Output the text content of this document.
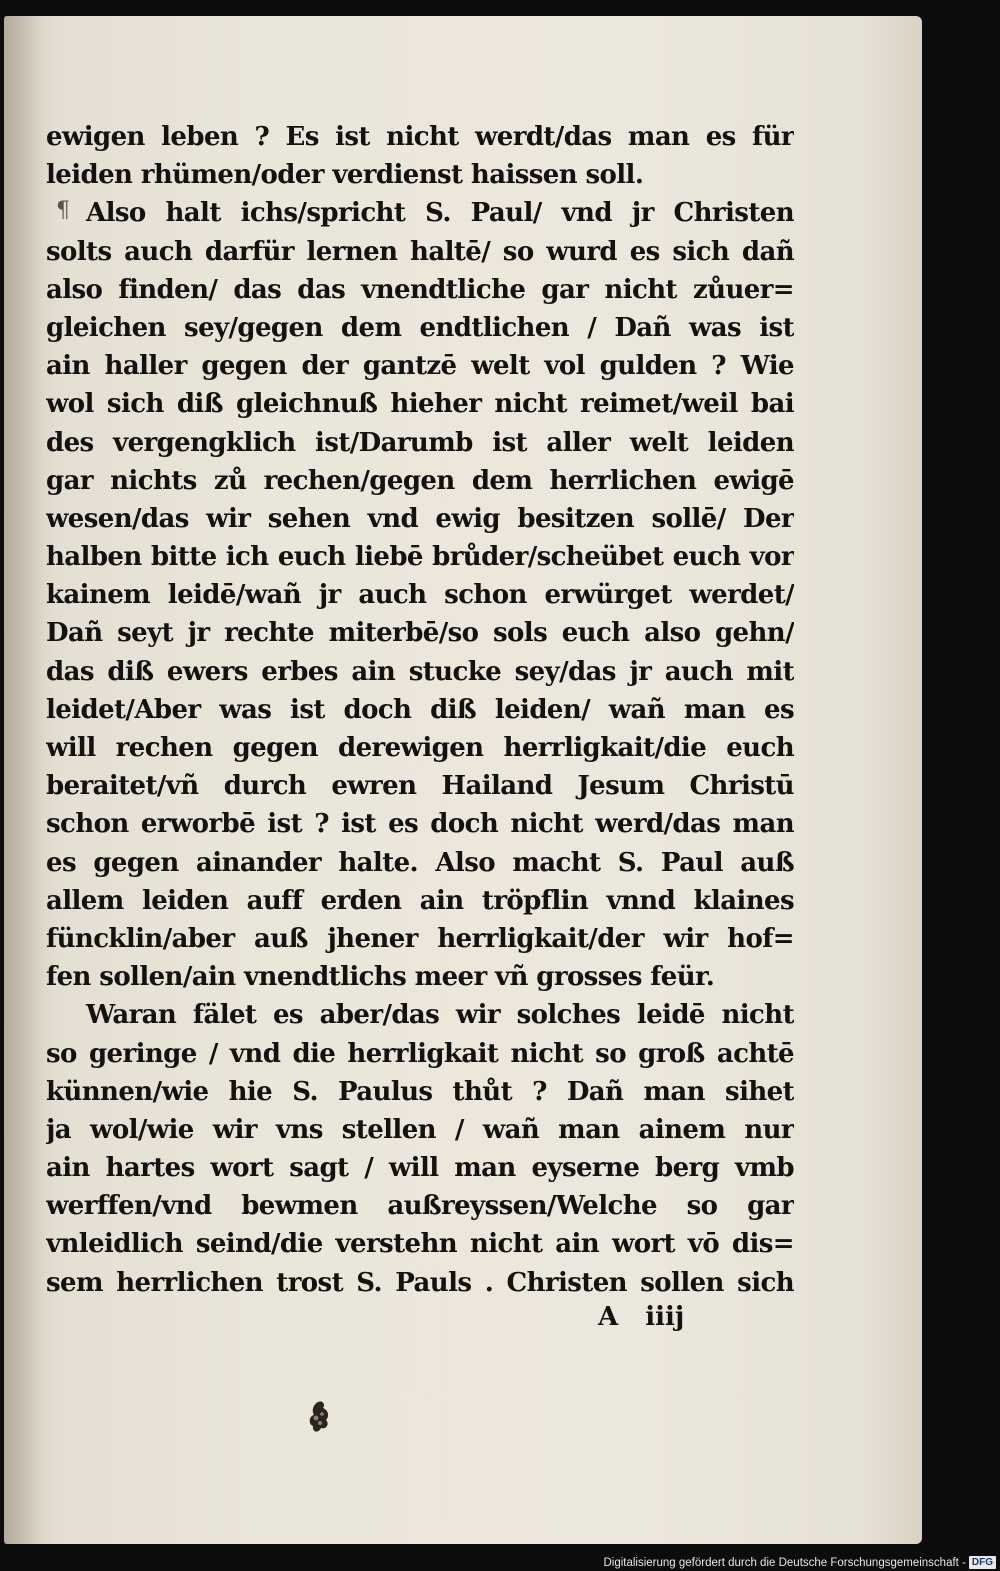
¶
ewigen leben ? Es ist nicht werdt/das man es für
leiden rhümen/oder verdienst haissen soll.
Also halt ichs/spricht S. Paul/ vnd jr Christen
solts auch darfür lernen haltē/ so wurd es sich dañ
also finden/ das das vnendtliche gar nicht zůuer=
gleichen sey/gegen dem endtlichen / Dañ was ist
ain haller gegen der gantzē welt vol gulden ? Wie
wol sich diß gleichnuß hieher nicht reimet/weil bai
des vergengklich ist/Darumb ist aller welt leiden
gar nichts zů rechen/gegen dem herrlichen ewigē
wesen/das wir sehen vnd ewig besitzen sollē/ Der
halben bitte ich euch liebē brůder/scheübet euch vor
kainem leidē/wañ jr auch schon erwürget werdet/
Dañ seyt jr rechte miterbē/so sols euch also gehn/
das diß ewers erbes ain stucke sey/das jr auch mit
leidet/Aber was ist doch diß leiden/ wañ man es
will rechen gegen derewigen herrligkait/die euch
beraitet/vñ durch ewren Hailand Jesum Christū
schon erworbē ist ? ist es doch nicht werd/das man
es gegen ainander halte. Also macht S. Paul auß
allem leiden auff erden ain tröpflin vnnd klaines
füncklin/aber auß jhener herrligkait/der wir hof=
fen sollen/ain vnendtlichs meer vñ grosses feür.
Waran fälet es aber/das wir solches leidē nicht
so geringe / vnd die herrligkait nicht so groß achtē
künnen/wie hie S. Paulus thůt ? Dañ man sihet
ja wol/wie wir vns stellen / wañ man ainem nur
ain hartes wort sagt / will man eyserne berg vmb
werffen/vnd bewmen außreyssen/Welche so gar
vnleidlich seind/die verstehn nicht ain wort vō dis=
sem herrlichen trost S. Pauls . Christen sollen sich
A iiij
Digitalisierung gefördert durch die Deutsche Forschungsgemeinschaft - DFG
